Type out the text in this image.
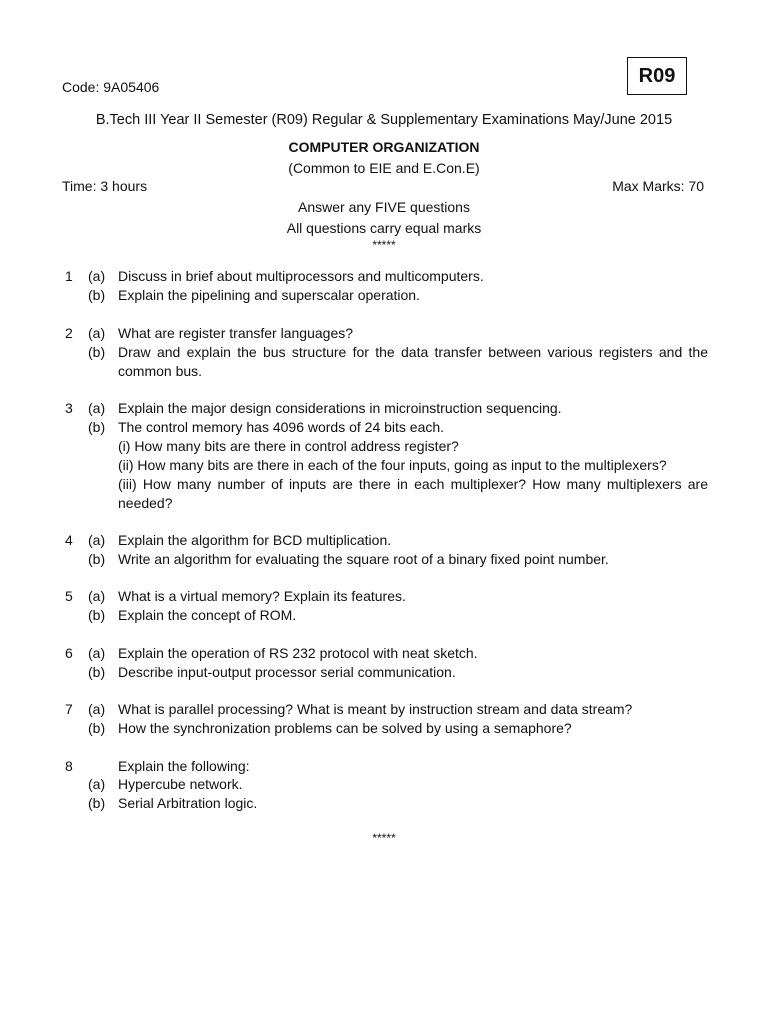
Code: 9A05406
R09
B.Tech III Year II Semester (R09) Regular & Supplementary Examinations May/June 2015
COMPUTER ORGANIZATION
(Common to EIE and E.Con.E)
Time: 3 hours	Max Marks: 70
Answer any FIVE questions
All questions carry equal marks
*****
1 (a) Discuss in brief about multiprocessors and multicomputers.
(b) Explain the pipelining and superscalar operation.
2 (a) What are register transfer languages?
(b) Draw and explain the bus structure for the data transfer between various registers and the
common bus.
3 (a) Explain the major design considerations in microinstruction sequencing.
(b) The control memory has 4096 words of 24 bits each.
(i) How many bits are there in control address register?
(ii) How many bits are there in each of the four inputs, going as input to the multiplexers?
(iii) How many number of inputs are there in each multiplexer? How many multiplexers are
needed?
4 (a) Explain the algorithm for BCD multiplication.
(b) Write an algorithm for evaluating the square root of a binary fixed point number.
5 (a) What is a virtual memory? Explain its features.
(b) Explain the concept of ROM.
6 (a) Explain the operation of RS 232 protocol with neat sketch.
(b) Describe input-output processor serial communication.
7 (a) What is parallel processing? What is meant by instruction stream and data stream?
(b) How the synchronization problems can be solved by using a semaphore?
8	Explain the following:
(a) Hypercube network.
(b) Serial Arbitration logic.
*****
